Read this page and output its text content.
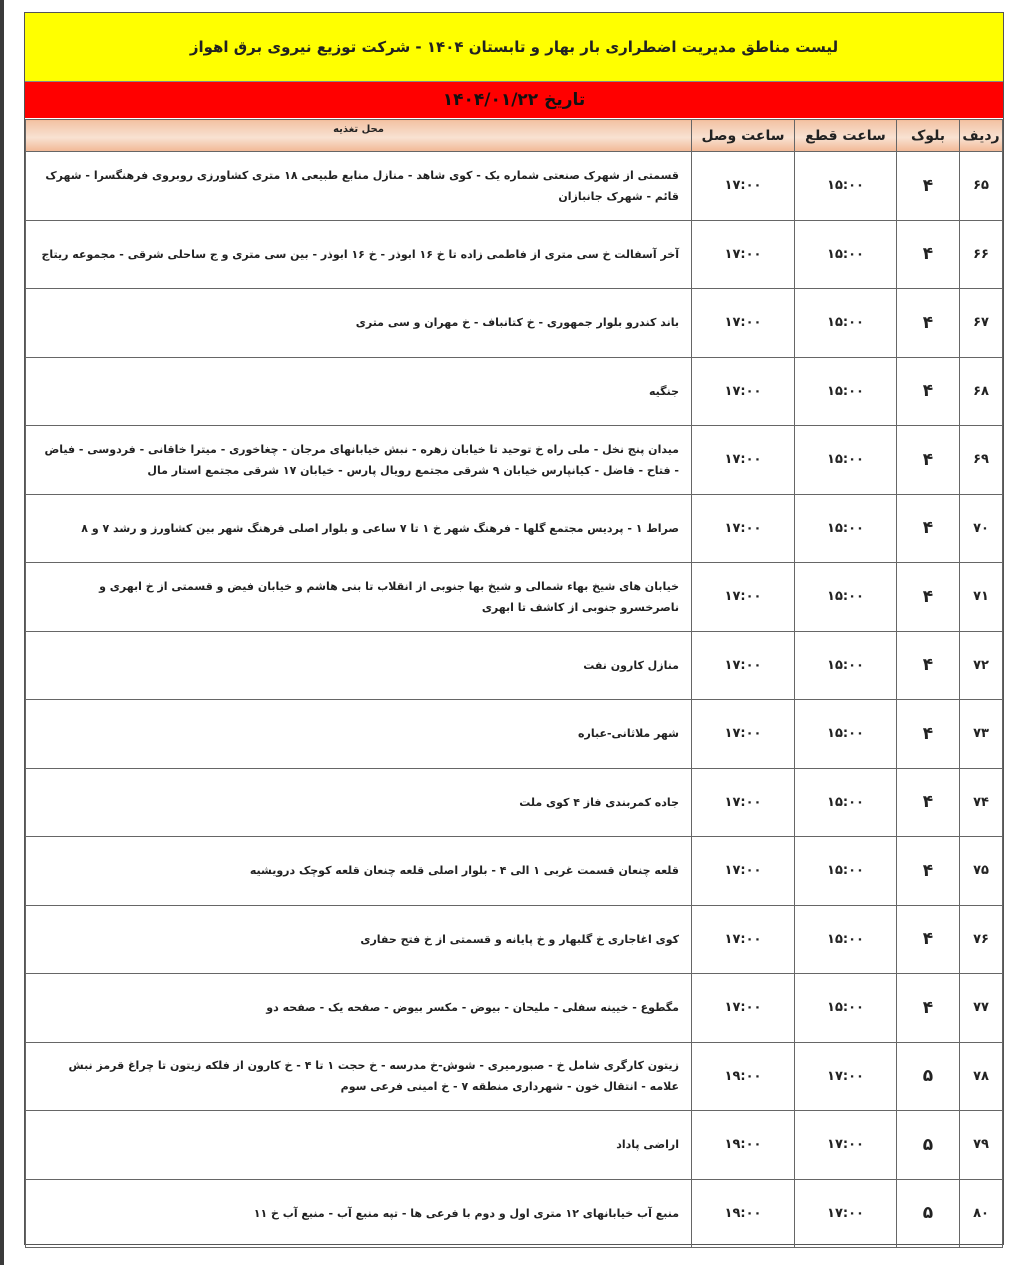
لیست مناطق مدیریت اضطراری بار بهار و تابستان ۱۴۰۴ - شرکت توزیع نیروی برق اهواز
تاریخ ۱۴۰۴/۰۱/۲۲
ردیف	بلوک	ساعت قطع	ساعت وصل	محل تغذیه
۶۵	۴	۱۵:۰۰	۱۷:۰۰	قسمتی از شهرک صنعتی شماره یک - کوی شاهد - منازل منابع طبیعی ۱۸ متری کشاورزی روبروی فرهنگسرا - شهرک قائم - شهرک جانبازان
۶۶	۴	۱۵:۰۰	۱۷:۰۰	آخر آسفالت خ سی متری از فاطمی زاده تا خ ۱۶ ابوذر - خ ۱۶ ابوذر - بین سی متری و ج ساحلی شرقی - مجموعه ریتاج
۶۷	۴	۱۵:۰۰	۱۷:۰۰	باند کندرو بلوار جمهوری - خ کتانباف - خ مهران و سی متری
۶۸	۴	۱۵:۰۰	۱۷:۰۰	جنگیه
۶۹	۴	۱۵:۰۰	۱۷:۰۰	میدان پنج نخل - ملی راه خ توحید تا خیابان زهره - نبش خیابانهای مرجان - چغاخوری - میترا خاقانی - فردوسی - فیاض - فتاح - فاضل - کیانپارس خیابان ۹ شرقی مجتمع رویال پارس - خیابان ۱۷ شرقی مجتمع استار مال
۷۰	۴	۱۵:۰۰	۱۷:۰۰	صراط ۱ - پردیس مجتمع گلها - فرهنگ شهر خ ۱ تا ۷ ساعی و بلوار اصلی فرهنگ شهر بین کشاورز و رشد ۷ و ۸
۷۱	۴	۱۵:۰۰	۱۷:۰۰	خیابان های شیخ بهاء شمالی و شیخ بها جنوبی از انقلاب تا بنی هاشم و خیابان فیض و قسمتی از خ ابهری و ناصرخسرو جنوبی از کاشف تا ابهری
۷۲	۴	۱۵:۰۰	۱۷:۰۰	منازل کارون نفت
۷۳	۴	۱۵:۰۰	۱۷:۰۰	شهر ملاثانی-عباره
۷۴	۴	۱۵:۰۰	۱۷:۰۰	جاده کمربندی فاز ۴ کوی ملت
۷۵	۴	۱۵:۰۰	۱۷:۰۰	قلعه چنعان قسمت غربی ۱ الی ۴ - بلوار اصلی قلعه چنعان قلعه کوچک درویشیه
۷۶	۴	۱۵:۰۰	۱۷:۰۰	کوی اغاجاری خ گلبهار و خ پایانه و قسمتی از خ فتح حفاری
۷۷	۴	۱۵:۰۰	۱۷:۰۰	مگطوع - خیینه سفلی - ملیحان - بیوض - مکسر بیوض - صفحه یک - صفحه دو
۷۸	۵	۱۷:۰۰	۱۹:۰۰	زیتون کارگری شامل خ - صبورمیری - شوش-خ مدرسه - خ حجت ۱ تا ۴ - خ کارون از فلکه زیتون تا چراغ قرمز نبش علامه - انتقال خون - شهرداری منطقه ۷ - خ امینی فرعی سوم
۷۹	۵	۱۷:۰۰	۱۹:۰۰	اراضی پاداد
۸۰	۵	۱۷:۰۰	۱۹:۰۰	منبع آب خیابانهای ۱۲ متری اول و دوم با فرعی ها - تپه منبع آب - منبع آب خ ۱۱
